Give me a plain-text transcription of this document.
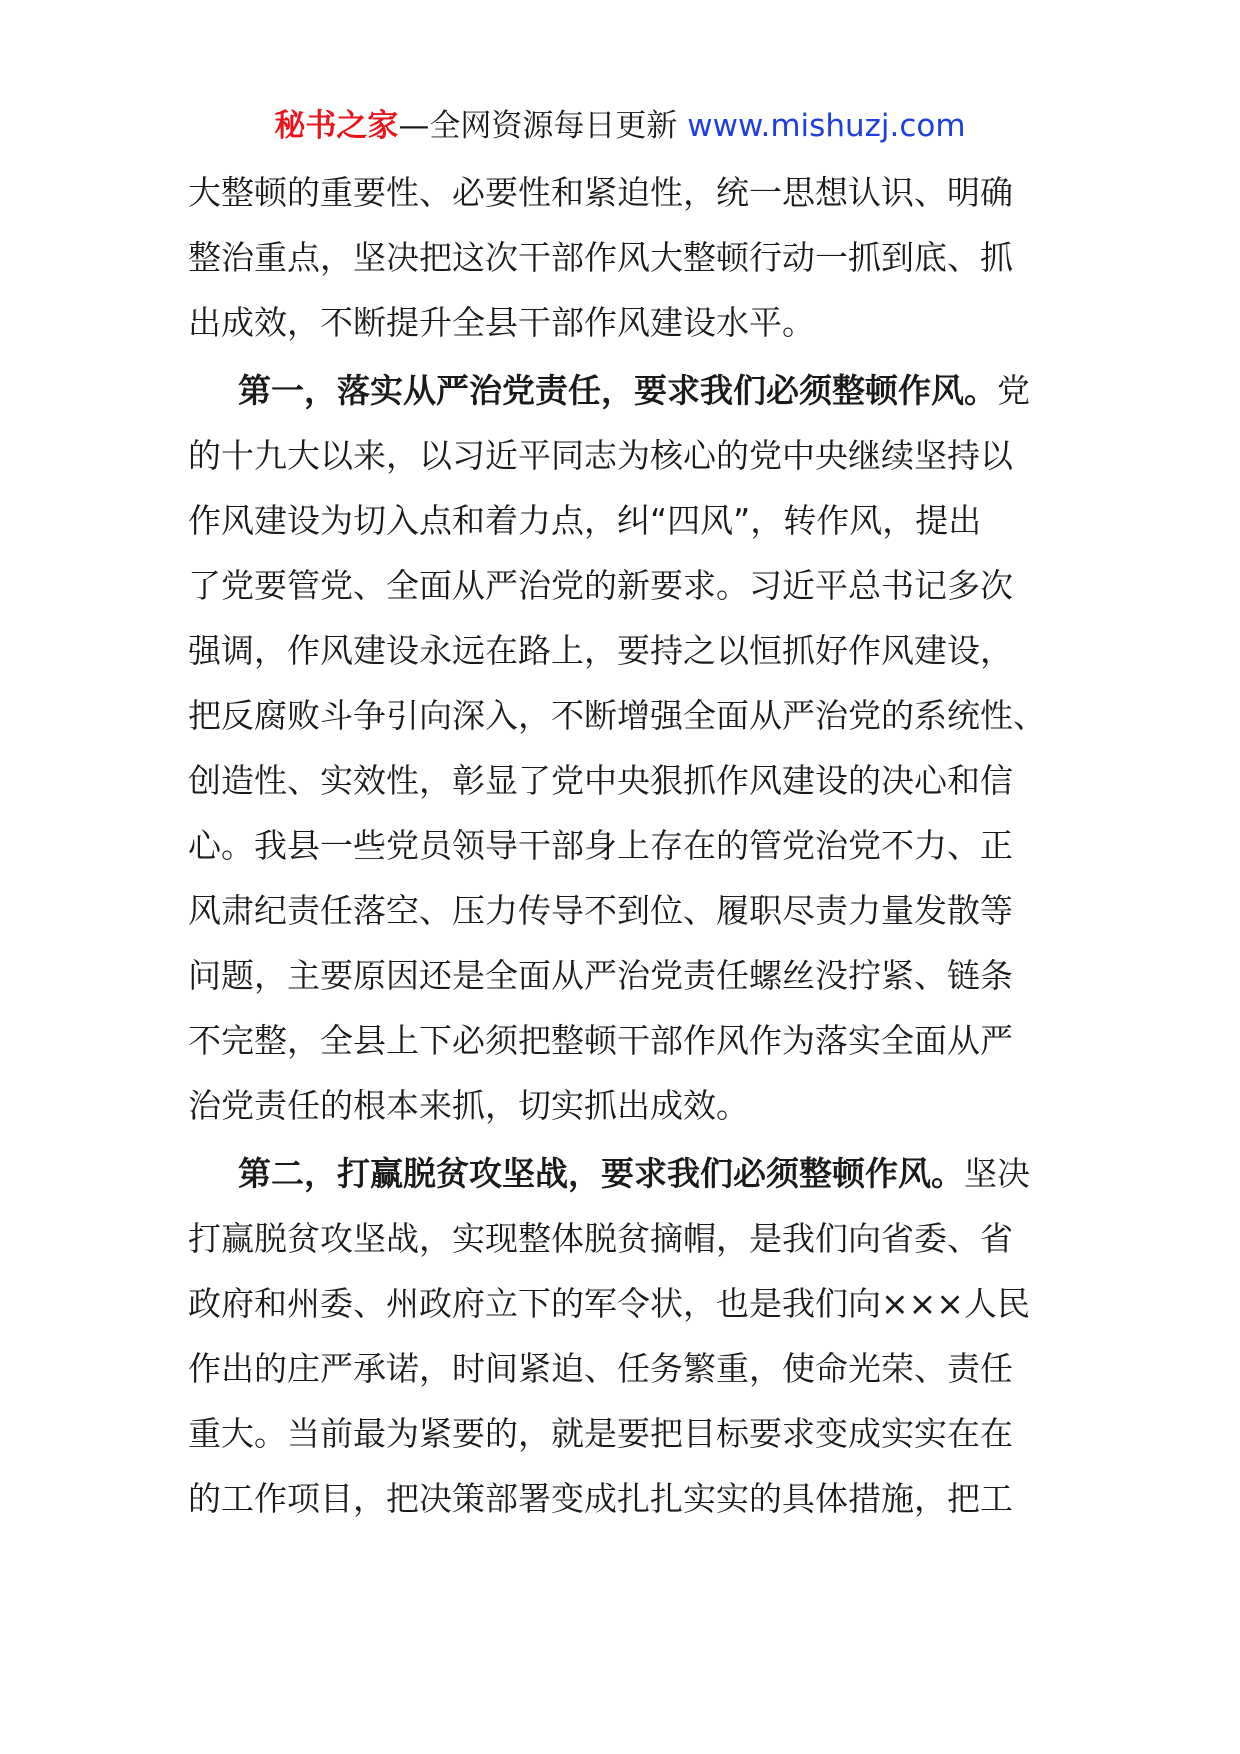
秘书之家—全网资源每日更新 www.mishuzj.com
大整顿的重要性、必要性和紧迫性，统一思想认识、明确
整治重点，坚决把这次干部作风大整顿行动一抓到底、抓
出成效，不断提升全县干部作风建设水平。
第一，落实从严治党责任，要求我们必须整顿作风。党
的十九大以来，以习近平同志为核心的党中央继续坚持以
作风建设为切入点和着力点，纠“四风”，转作风，提出
了党要管党、全面从严治党的新要求。习近平总书记多次
强调，作风建设永远在路上，要持之以恒抓好作风建设，
把反腐败斗争引向深入，不断增强全面从严治党的系统性、
创造性、实效性，彰显了党中央狠抓作风建设的决心和信
心。我县一些党员领导干部身上存在的管党治党不力、正
风肃纪责任落空、压力传导不到位、履职尽责力量发散等
问题，主要原因还是全面从严治党责任螺丝没拧紧、链条
不完整，全县上下必须把整顿干部作风作为落实全面从严
治党责任的根本来抓，切实抓出成效。
第二，打赢脱贫攻坚战，要求我们必须整顿作风。坚决
打赢脱贫攻坚战，实现整体脱贫摘帽，是我们向省委、省
政府和州委、州政府立下的军令状，也是我们向×××人民
作出的庄严承诺，时间紧迫、任务繁重，使命光荣、责任
重大。当前最为紧要的，就是要把目标要求变成实实在在
的工作项目，把决策部署变成扎扎实实的具体措施，把工
